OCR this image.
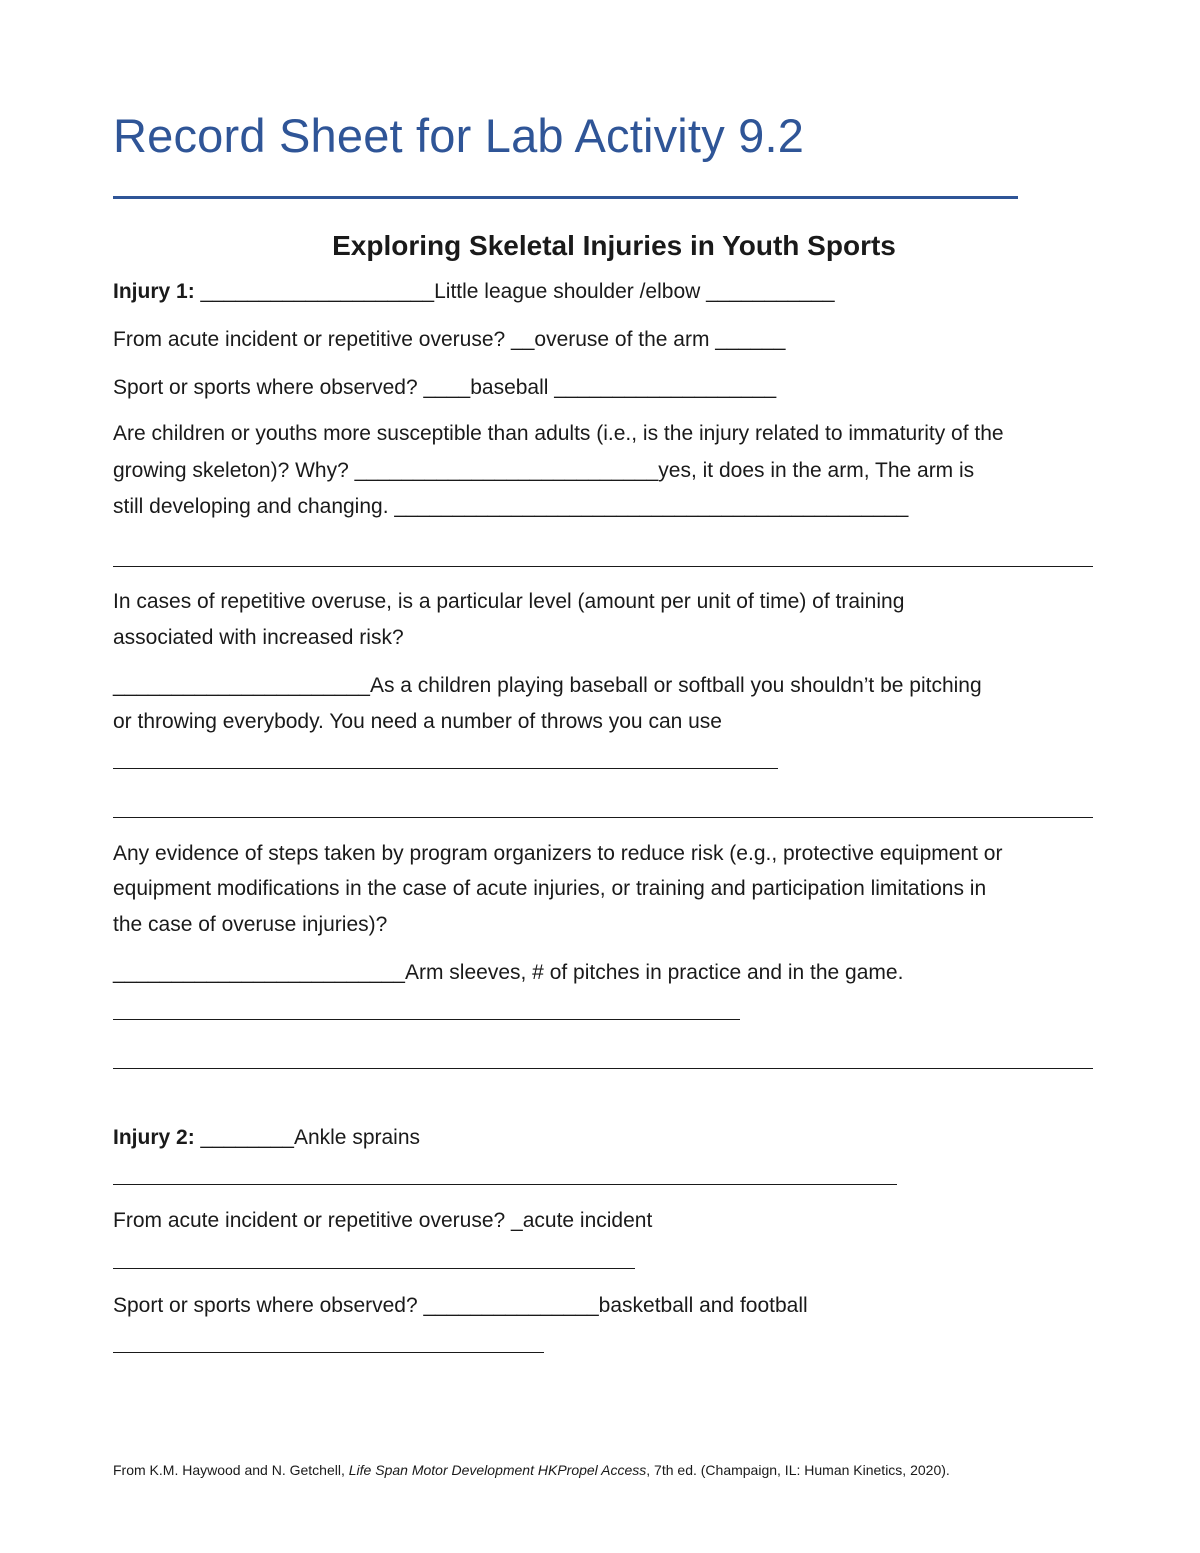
Record Sheet for Lab Activity 9.2
Exploring Skeletal Injuries in Youth Sports
Injury 1: ____________________Little league shoulder /elbow ___________
From acute incident or repetitive overuse? __overuse of the arm ______
Sport or sports where observed? ____baseball ___________________
Are children or youths more susceptible than adults (i.e., is the injury related to immaturity of the
growing skeleton)? Why? __________________________yes, it does in the arm, The arm is
still developing and changing. ____________________________________________
In cases of repetitive overuse, is a particular level (amount per unit of time) of training
associated with increased risk?
______________________As a children playing baseball or softball you shouldn’t be pitching
or throwing everybody. You need a number of throws you can use
Any evidence of steps taken by program organizers to reduce risk (e.g., protective equipment or
equipment modifications in the case of acute injuries, or training and participation limitations in
the case of overuse injuries)?
_________________________Arm sleeves, # of pitches in practice and in the game.
Injury 2: ________Ankle sprains
From acute incident or repetitive overuse? _acute incident
Sport or sports where observed? _______________basketball and football
From K.M. Haywood and N. Getchell, Life Span Motor Development HKPropel Access, 7th ed. (Champaign, IL: Human Kinetics, 2020).
